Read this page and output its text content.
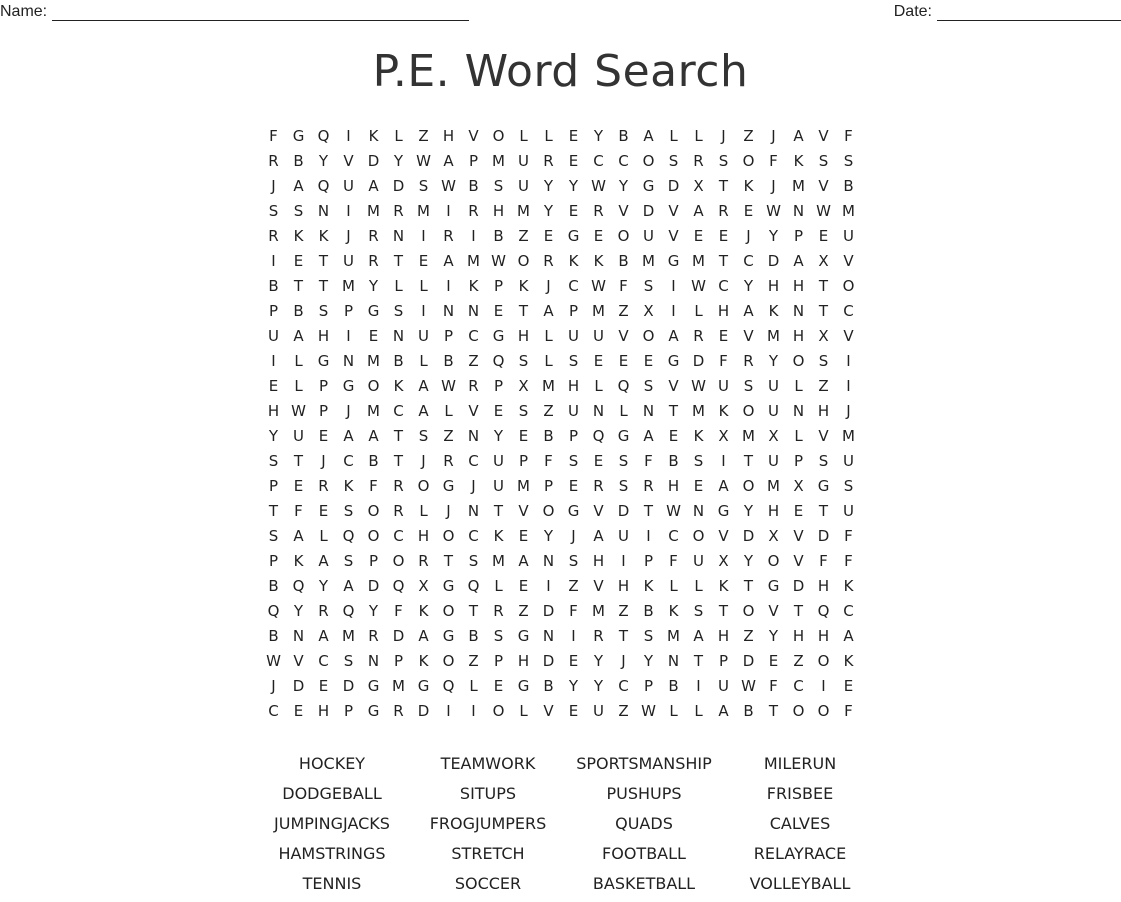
Name:	Date:
P.E. Word Search
F G Q	I	K	L	Z H V O L	L	E	Y	B A	L	L	J	Z	J	A V	F
R B	Y	V D Y W A	P M U R	E	C C O S	R	S O F	K	S	S
J	A Q U A D S W B	S U Y	Y W Y G D X	T	K	J	M V B
S	S N	I	M R M	I	R H M Y	E	R V D V A R	E W N W M
R K	K	J	R N	I	R	I	B Z	E G E O U V	E	E	J	Y	P	E U
I	E	T U R	T	E	A M W O R K	K B M G M T	C D A X V
B	T	T M Y	L	L	I	K	P	K	J	C W F	S	I	W C	Y H H T O
P	B	S	P G S	I	N N E	T	A	P M Z X	I	L	H A K N T	C
U A H	I	E N U P	C G H	L	U U V O A R	E	V M H X V
I	L	G N M B	L	B Z Q S	L	S	E	E	E G D F	R	Y O S	I
E	L	P G O K A W R	P	X M H	L Q S	V W U S U	L	Z	I
H W P	J	M C A	L	V	E	S	Z U N	L	N T M K O U N H	J
Y U E	A A	T	S	Z N Y	E	B	P Q G A	E	K X M X	L	V M
S	T	J	C B	T	J	R C U P	F	S	E	S	F	B	S	I	T U P	S U
P	E	R K	F	R O G	J	U M P	E	R	S	R H E	A O M X G S
T	F	E	S O R	L	J	N T	V O G V D T W N G Y H E	T U
S	A	L Q O C H O C K	E	Y	J	A U	I	C O V D X V D F
P	K A	S	P O R	T	S M A N S H	I	P	F	U X	Y O V	F	F
B Q Y	A D Q X G Q L	E	I	Z V H K	L	L	K	T G D H K
Q Y	R Q Y	F	K O T	R Z D F M Z B K	S	T O V	T Q C
B N A M R D A G B	S G N	I	R	T	S M A H Z	Y H H A
W V C	S N P	K O Z	P H D E	Y	J	Y N T	P D E	Z O K
J	D E D G M G Q L	E G B	Y	Y	C	P	B	I	U W F	C	I	E
C	E H P G R D	I	I	O L	V	E U Z W L	L	A B	T O O F
HOCKEY	TEAMWORK	SPORTSMANSHIP	MILERUN
DODGEBALL	SITUPS	PUSHUPS	FRISBEE
JUMPINGJACKS	FROGJUMPERS	QUADS	CALVES
HAMSTRINGS	STRETCH	FOOTBALL	RELAYRACE
TENNIS	SOCCER	BASKETBALL	VOLLEYBALL
